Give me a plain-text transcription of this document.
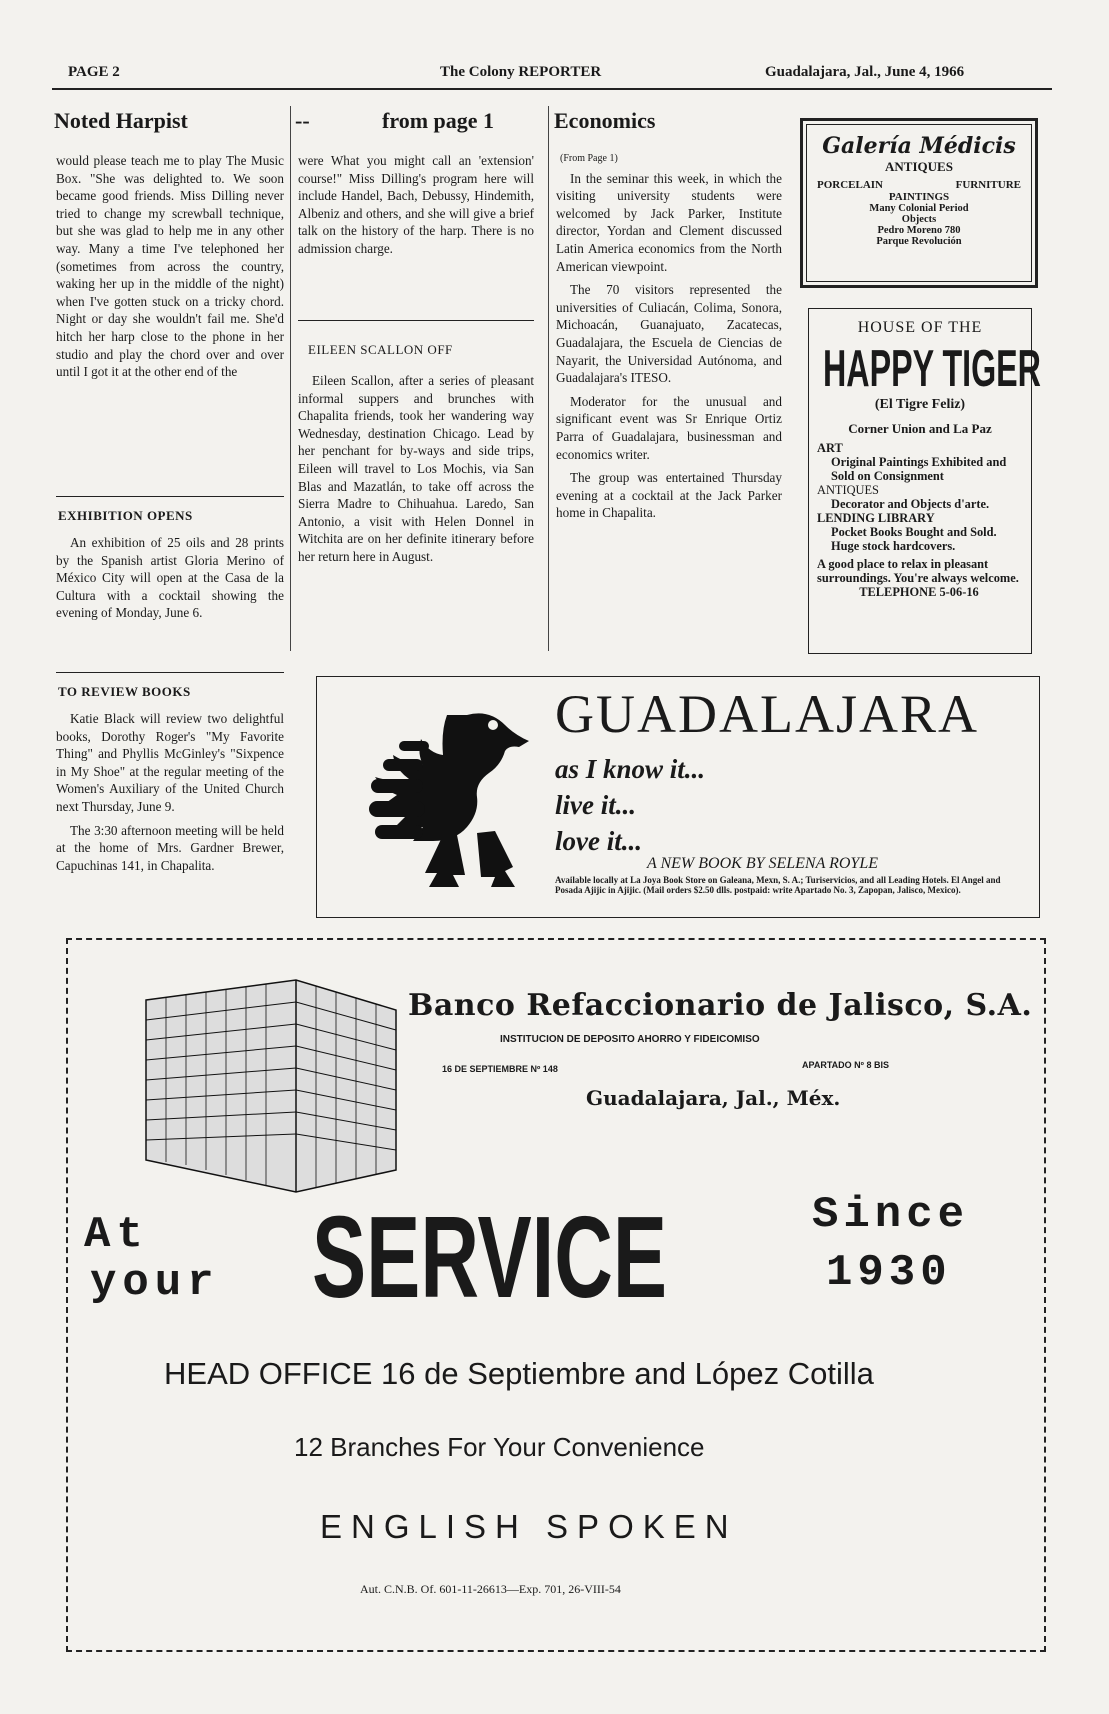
PAGE 2	The Colony REPORTER	Guadalajara, Jal., June 4, 1966
Noted Harpist	--	from page 1
would please teach me to play The Music Box. "She was delighted to. We soon became good friends. Miss Dilling never tried to change my screwball technique, but she was glad to help me in any other way. Many a time I've telephoned her (sometimes from across the country, waking her up in the middle of the night) when I've gotten stuck on a tricky chord. Night or day she wouldn't fail me. She'd hitch her harp close to the phone in her studio and play the chord over and over until I got it at the other end of the
EXHIBITION OPENS

An exhibition of 25 oils and 28 prints by the Spanish artist Gloria Merino of México City will open at the Casa de la Cultura with a cocktail showing the evening of Monday, June 6.

TO REVIEW BOOKS

Katie Black will review two delightful books, Dorothy Roger's "My Favorite Thing" and Phyllis McGinley's "Sixpence in My Shoe" at the regular meeting of the Women's Auxiliary of the United Church next Thursday, June 9.

The 3:30 afternoon meeting will be held at the home of Mrs. Gardner Brewer, Capuchinas 141, in Chapalita.

were What you might call an 'extension' course!" Miss Dilling's program here will include Handel, Bach, Debussy, Hindemith, Albeniz and others, and she will give a brief talk on the history of the harp. There is no admission charge.
EILEEN SCALLON OFF

Eileen Scallon, after a series of pleasant informal suppers and brunches with Chapalita friends, took her wandering way Wednesday, destination Chicago. Lead by her penchant for by-ways and side trips, Eileen will travel to Los Mochis, via San Blas and Mazatlán, to take off across the Sierra Madre to Chihuahua. Laredo, San Antonio, a visit with Helen Donnel in Witchita are on her definite itinerary before her return here in August.

Economics
(From Page 1)

In the seminar this week, in which the visiting university students were welcomed by Jack Parker, Institute director, Yordan and Clement discussed Latin America economics from the North American viewpoint.

The 70 visitors represented the universities of Culiacán, Colima, Sonora, Michoacán, Guanajuato, Zacatecas, Guadalajara, the Escuela de Ciencias de Nayarit, the Universidad Autónoma, and Guadalajara's ITESO.

Moderator for the unusual and significant event was Sr Enrique Ortiz Parra of Guadalajara, businessman and economics writer.

The group was entertained Thursday evening at a cocktail at the Jack Parker home in Chapalita.

Galería Médicis
ANTIQUES
PORCELAIN	FURNITURE
PAINTINGS
Many Colonial Period
Objects
Pedro Moreno 780
Parque Revolución
HOUSE OF THE
HAPPY TIGER
(El Tigre Feliz)
Corner Union and La Paz
ART
Original Paintings Exhibited and Sold on Consignment
ANTIQUES
Decorator and Objects d'arte.
LENDING LIBRARY
Pocket Books Bought and Sold. Huge stock hardcovers.
A good place to relax in pleasant surroundings. You're always welcome.
TELEPHONE 5-06-16
GUADALAJARA
as I know it...
live it...
love it...
A NEW BOOK BY SELENA ROYLE
Available locally at La Joya Book Store on Galeana, Mexn, S. A.; Turiservicios, and all Leading Hotels. El Angel and Posada Ajijic in Ajijic. (Mail orders $2.50 dlls. postpaid: write Apartado No. 3, Zapopan, Jalisco, Mexico).
Banco Refaccionario de Jalisco, S.A.
INSTITUCION DE DEPOSITO AHORRO Y FIDEICOMISO
16 DE SEPTIEMBRE Nº 148	APARTADO Nº 8 BIS
Guadalajara, Jal., Méx.
At
your SERVICE	Since
1930
HEAD OFFICE 16 de Septiembre and López Cotilla
12 Branches For Your Convenience
ENGLISH SPOKEN
Aut. C.N.B. Of. 601-11-26613—Exp. 701, 26-VIII-54
